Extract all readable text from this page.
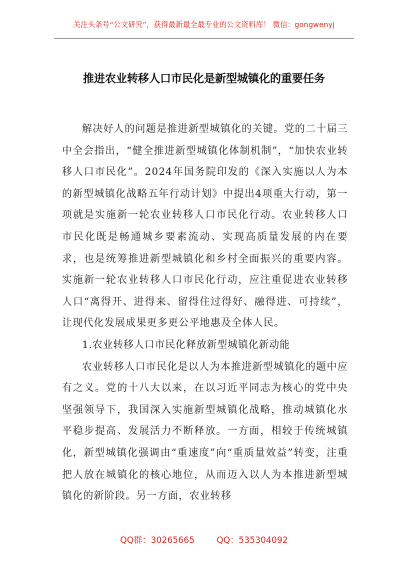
关注头条号“公文研究”，获得最新最全最专业的公文资料库！ 微信：gongwenyj
推进农业转移人口市民化是新型城镇化的重要任务

解决好人的问题是推进新型城镇化的关键。党的二十届三中全会指出，“健全推进新型城镇化体制机制”，“加快农业转移人口市民化”。2024年国务院印发的《深入实施以人为本的新型城镇化战略五年行动计划》中提出4项重大行动，第一项就是实施新一轮农业转移人口市民化行动。农业转移人口市民化既是畅通城乡要素流动、实现高质量发展的内在要求，也是统筹推进新型城镇化和乡村全面振兴的重要内容。实施新一轮农业转移人口市民化行动，应注重促进农业转移人口“离得开、进得来、留得住过得好、融得进、可持续”，让现代化发展成果更多更公平地惠及全体人民。

1.农业转移人口市民化释放新型城镇化新动能

农业转移人口市民化是以人为本推进新型城镇化的题中应有之义。党的十八大以来，在以习近平同志为核心的党中央坚强领导下，我国深入实施新型城镇化战略，推动城镇化水平稳步提高、发展活力不断释放。一方面，相较于传统城镇化，新型城镇化强调由“重速度”向“重质量效益”转变，注重把人放在城镇化的核心地位，从而迈入以人为本推进新型城镇化的新阶段。另一方面，农业转移

QQ群：30265665	QQ：535304092
